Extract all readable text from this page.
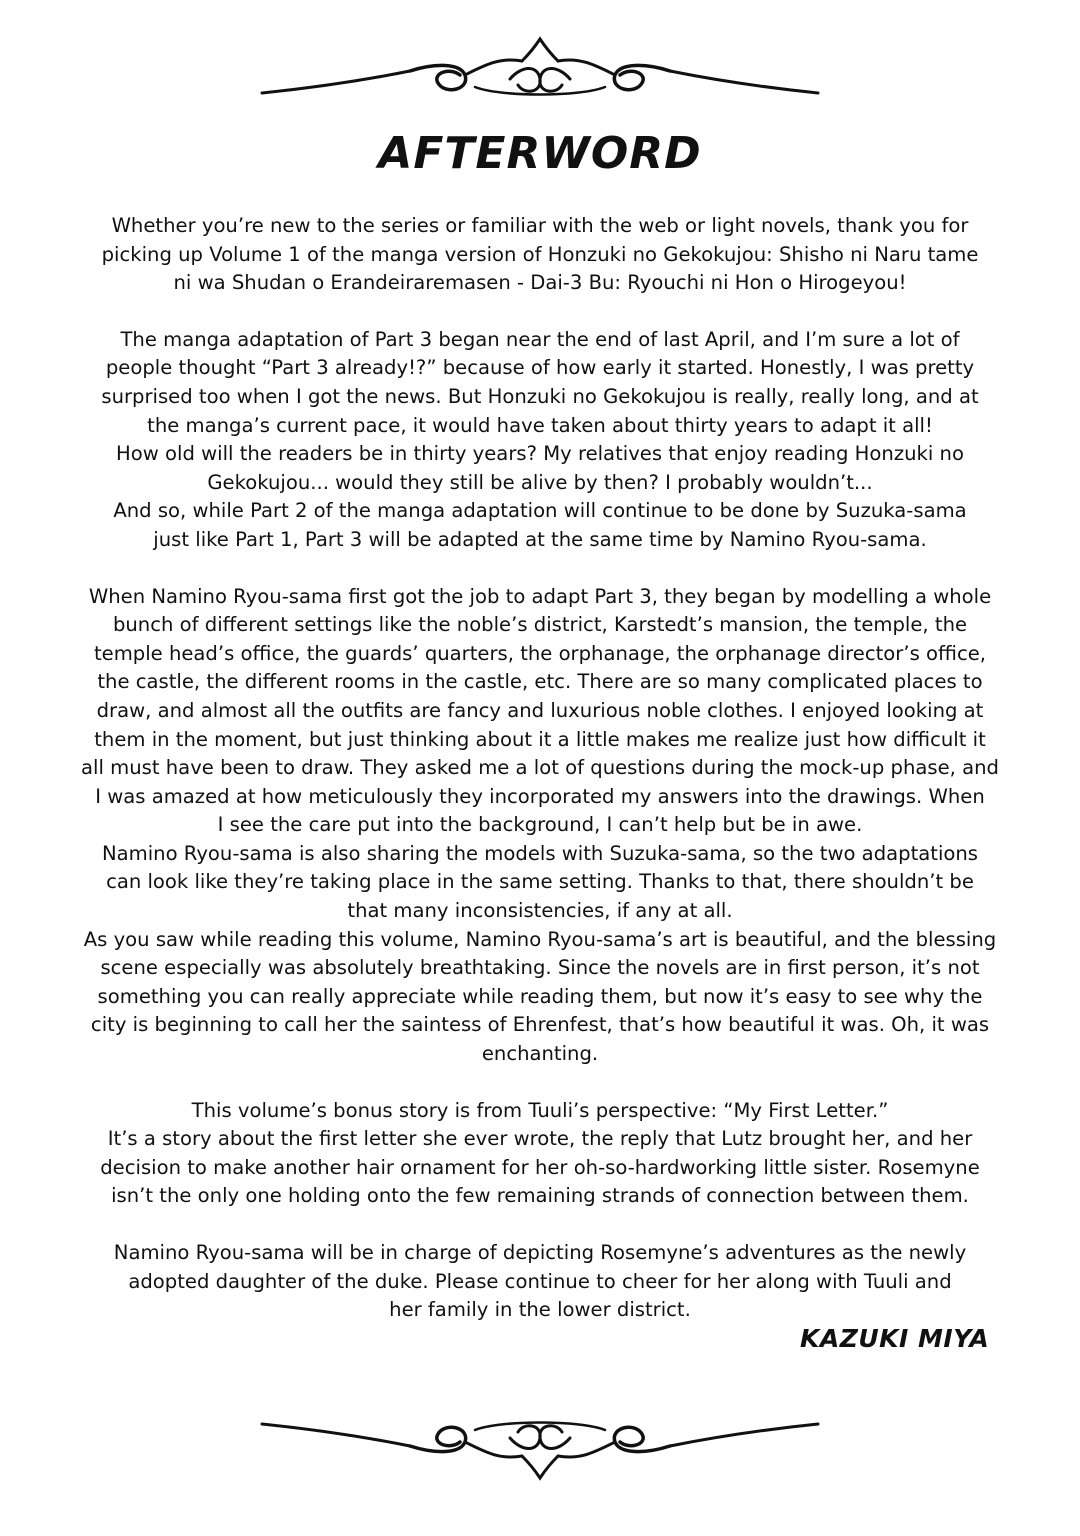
AFTERWORD

Whether you’re new to the series or familiar with the web or light novels, thank you for
picking up Volume 1 of the manga version of Honzuki no Gekokujou: Shisho ni Naru tame
ni wa Shudan o Erandeiraremasen - Dai-3 Bu: Ryouchi ni Hon o Hirogeyou!

The manga adaptation of Part 3 began near the end of last April, and I’m sure a lot of
people thought “Part 3 already!?” because of how early it started. Honestly, I was pretty
surprised too when I got the news. But Honzuki no Gekokujou is really, really long, and at
the manga’s current pace, it would have taken about thirty years to adapt it all!
How old will the readers be in thirty years? My relatives that enjoy reading Honzuki no
Gekokujou... would they still be alive by then? I probably wouldn’t...
And so, while Part 2 of the manga adaptation will continue to be done by Suzuka-sama
just like Part 1, Part 3 will be adapted at the same time by Namino Ryou-sama.

When Namino Ryou-sama first got the job to adapt Part 3, they began by modelling a whole
bunch of different settings like the noble’s district, Karstedt’s mansion, the temple, the
temple head’s office, the guards’ quarters, the orphanage, the orphanage director’s office,
the castle, the different rooms in the castle, etc. There are so many complicated places to
draw, and almost all the outfits are fancy and luxurious noble clothes. I enjoyed looking at
them in the moment, but just thinking about it a little makes me realize just how difficult it
all must have been to draw. They asked me a lot of questions during the mock-up phase, and
I was amazed at how meticulously they incorporated my answers into the drawings. When
I see the care put into the background, I can’t help but be in awe.
Namino Ryou-sama is also sharing the models with Suzuka-sama, so the two adaptations
can look like they’re taking place in the same setting. Thanks to that, there shouldn’t be
that many inconsistencies, if any at all.
As you saw while reading this volume, Namino Ryou-sama’s art is beautiful, and the blessing
scene especially was absolutely breathtaking. Since the novels are in first person, it’s not
something you can really appreciate while reading them, but now it’s easy to see why the
city is beginning to call her the saintess of Ehrenfest, that’s how beautiful it was. Oh, it was
enchanting.

This volume’s bonus story is from Tuuli’s perspective: “My First Letter.”
It’s a story about the first letter she ever wrote, the reply that Lutz brought her, and her
decision to make another hair ornament for her oh-so-hardworking little sister. Rosemyne
isn’t the only one holding onto the few remaining strands of connection between them.

Namino Ryou-sama will be in charge of depicting Rosemyne’s adventures as the newly
adopted daughter of the duke. Please continue to cheer for her along with Tuuli and
her family in the lower district.

KAZUKI MIYA
